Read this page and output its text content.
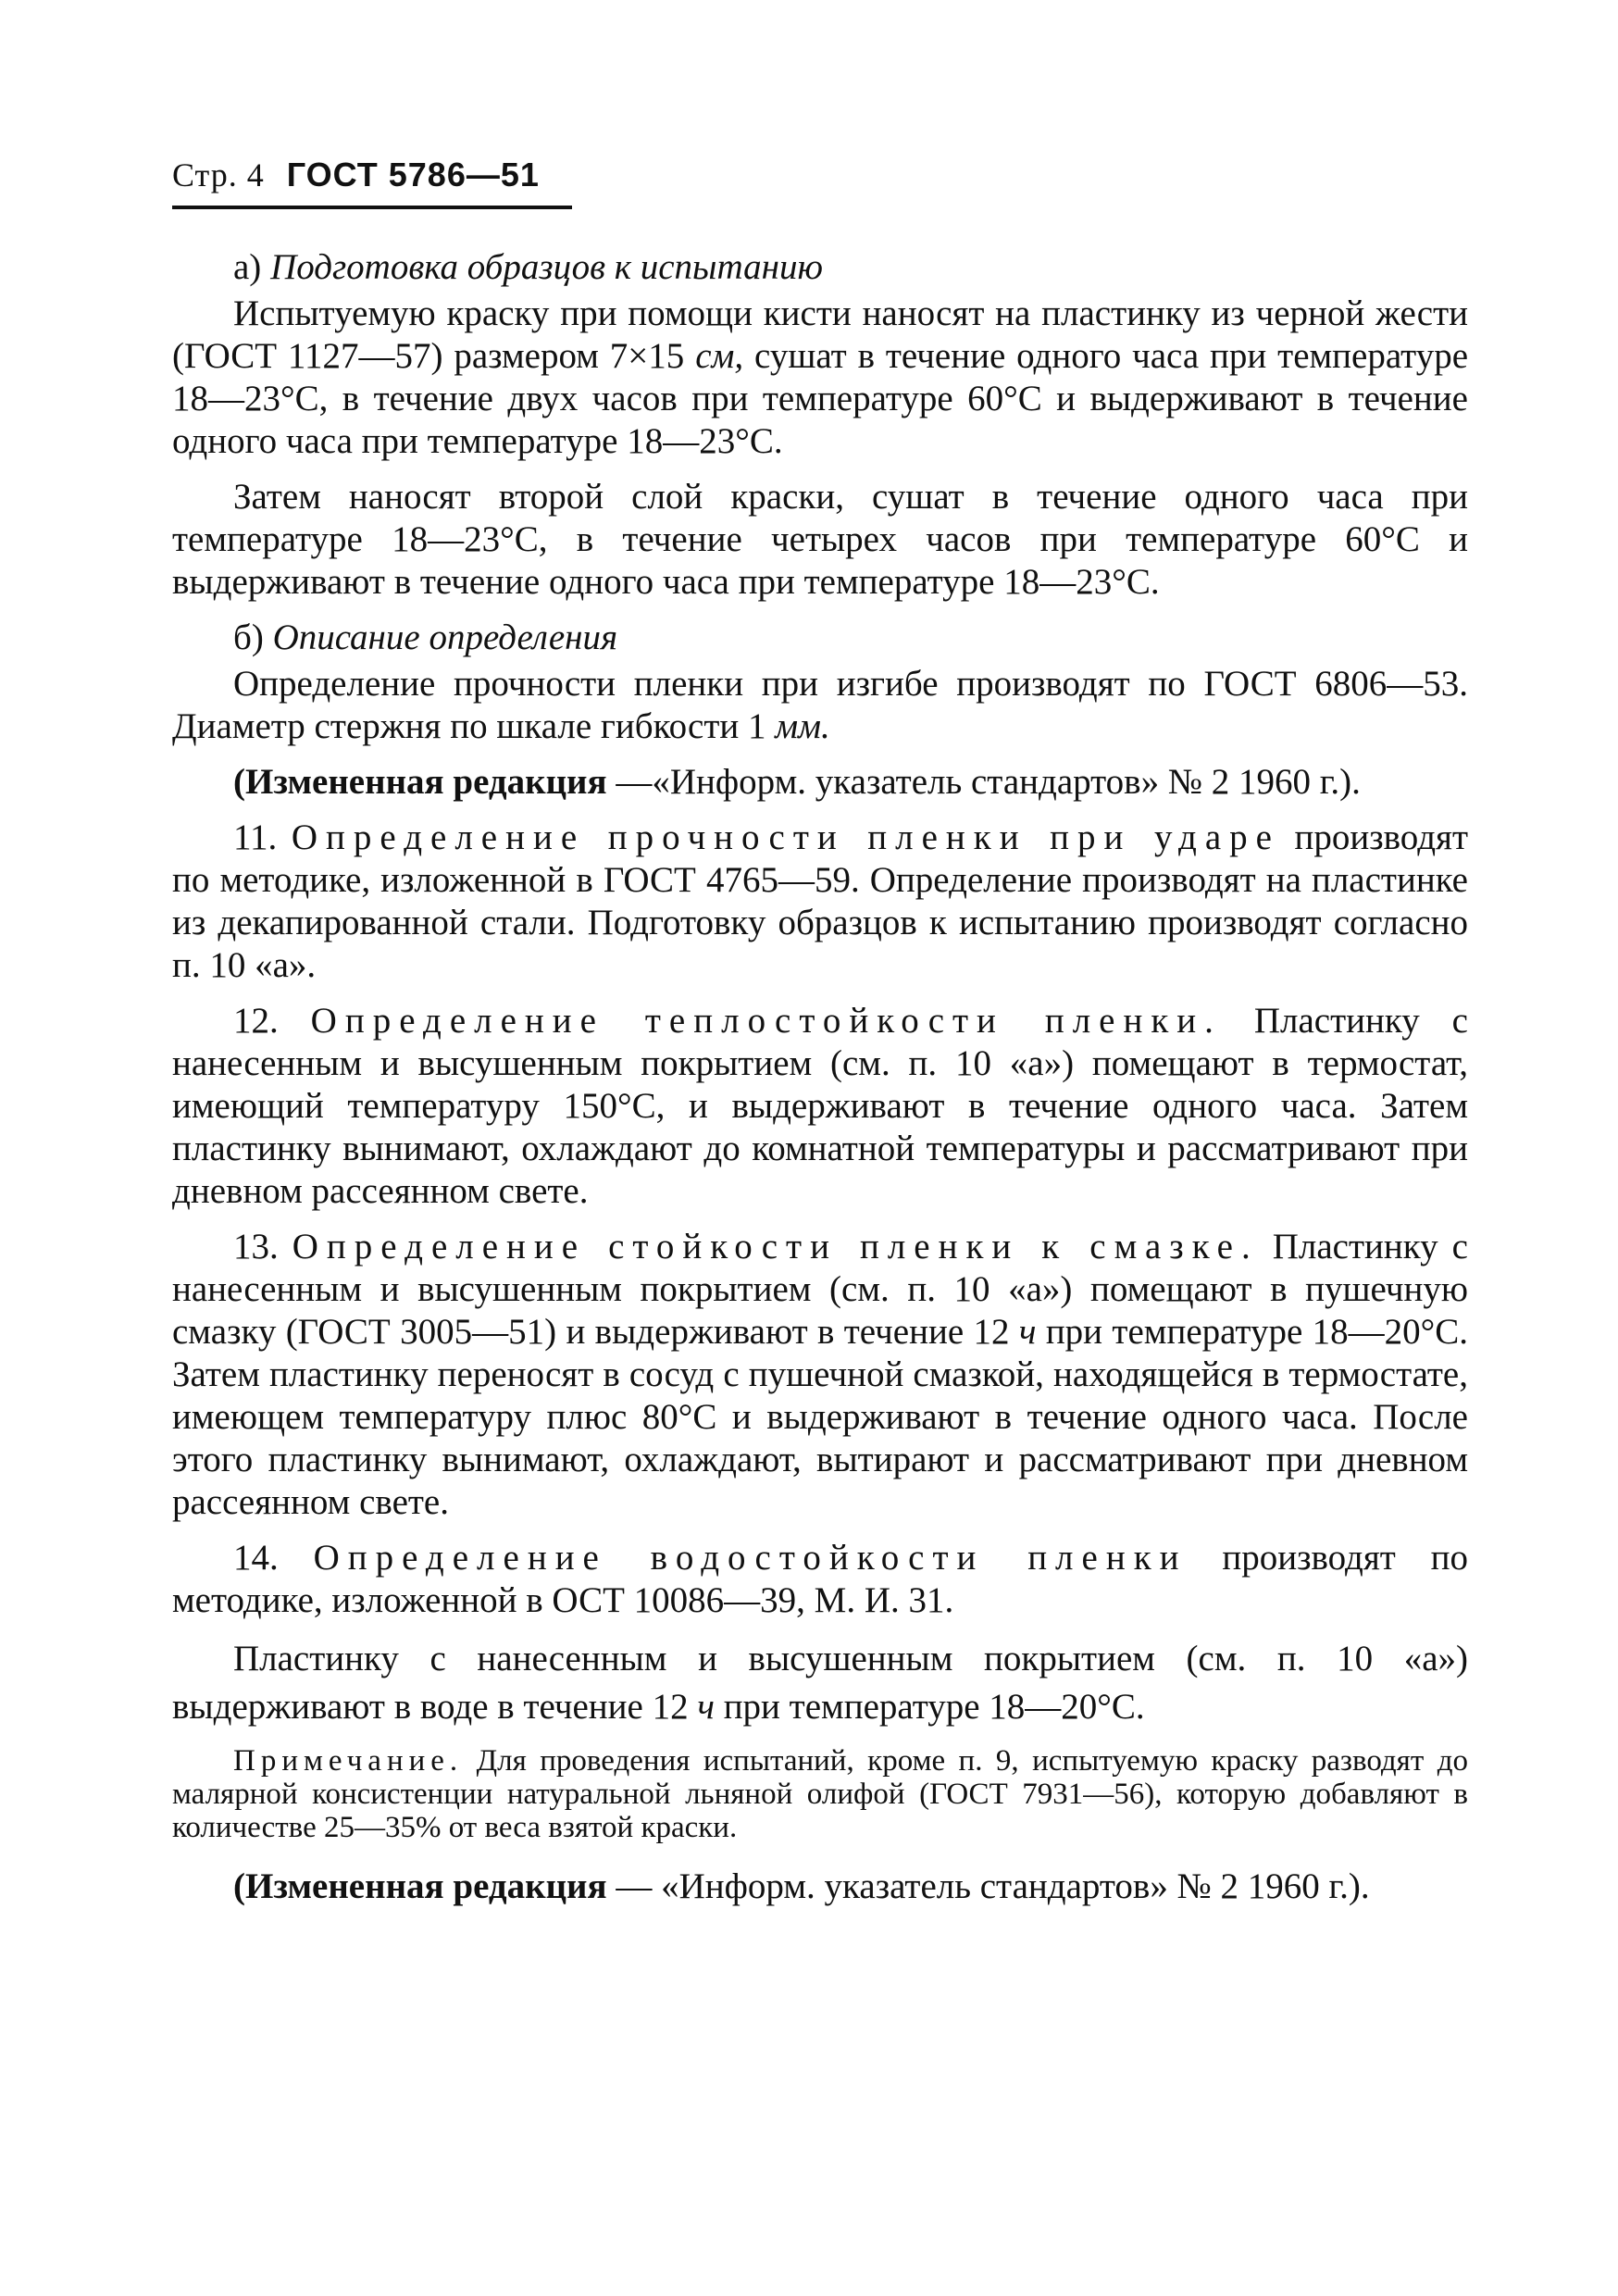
Стр. 4 ГОСТ 5786—51

а) Подготовка образцов к испытанию

Испытуемую краску при помощи кисти наносят на пластинку из черной жести (ГОСТ 1127—57) размером 7×15 см, сушат в течение одного часа при температуре 18—23°С, в течение двух часов при температуре 60°С и выдерживают в течение одного часа при температуре 18—23°С.

Затем наносят второй слой краски, сушат в течение одного часа при температуре 18—23°С, в течение четырех часов при температуре 60°С и выдерживают в течение одного часа при температуре 18—23°С.

б) Описание определения

Определение прочности пленки при изгибе производят по ГОСТ 6806—53. Диаметр стержня по шкале гибкости 1 мм.

(Измененная редакция —«Информ. указатель стандартов» № 2 1960 г.).

11. Определение прочности пленки при ударе производят по методике, изложенной в ГОСТ 4765—59. Определение производят на пластинке из декапированной стали. Подготовку образцов к испытанию производят согласно п. 10 «а».

12. Определение теплостойкости пленки. Пластинку с нанесенным и высушенным покрытием (см. п. 10 «а») помещают в термостат, имеющий температуру 150°С, и выдерживают в течение одного часа. Затем пластинку вынимают, охлаждают до комнатной температуры и рассматривают при дневном рассеянном свете.

13. Определение стойкости пленки к смазке. Пластинку с нанесенным и высушенным покрытием (см. п. 10 «а») помещают в пушечную смазку (ГОСТ 3005—51) и выдерживают в течение 12 ч при температуре 18—20°С. Затем пластинку переносят в сосуд с пушечной смазкой, находящейся в термостате, имеющем температуру плюс 80°С и выдерживают в течение одного часа. После этого пластинку вынимают, охлаждают, вытирают и рассматривают при дневном рассеянном свете.

14. Определение водостойкости пленки производят по методике, изложенной в ОСТ 10086—39, М. И. 31.

Пластинку с нанесенным и высушенным покрытием (см. п. 10 «а») выдерживают в воде в течение 12 ч при температуре 18—20°С.

Примечание. Для проведения испытаний, кроме п. 9, испытуемую краску разводят до малярной консистенции натуральной льняной олифой (ГОСТ 7931—56), которую добавляют в количестве 25—35% от веса взятой краски.

(Измененная редакция — «Информ. указатель стандартов» № 2 1960 г.).
